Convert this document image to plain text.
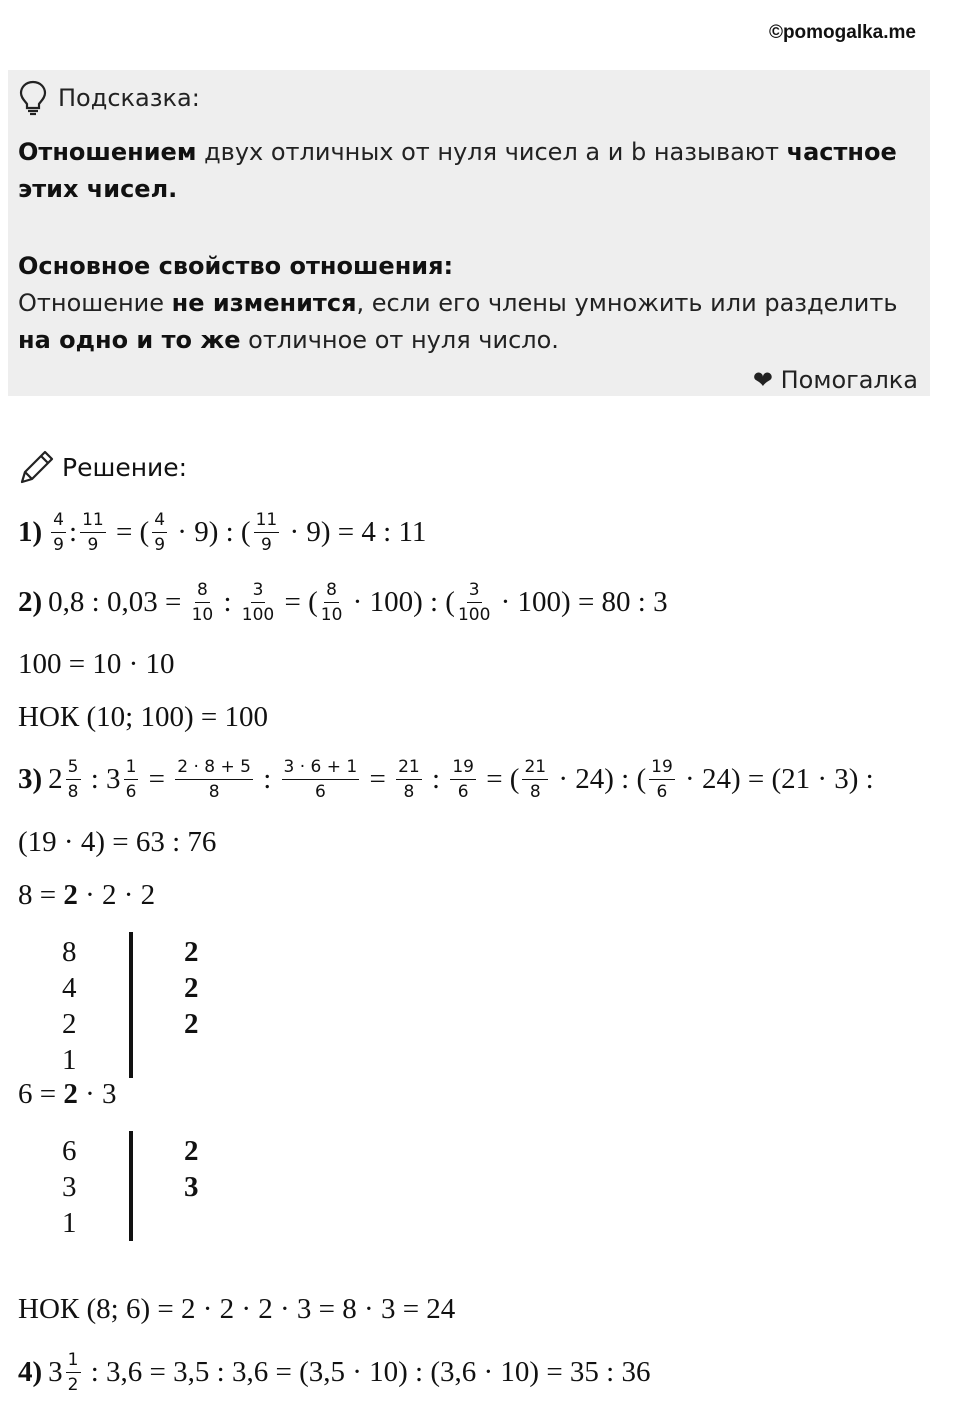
©pomogalka.me
Подсказка:

Отношением двух отличных от нуля чисел a и b называют частное этих чисел.

Основное свойство отношения:
Отношение не изменится, если его члены умножить или разделить на одно и то же отличное от нуля число.

❤ Помогалка
Решение:
$1) \frac{4}{9}$ : $\frac{11}{9}$ = ( $\frac{4}{9} \cdot 9$) : ( $\frac{11}{9} \cdot 9) = 4$ : 11
2) 0,8 : $0,03 = \frac{8}{10}$ : $\frac{3}{100}$ = ( $\frac{8}{10} \cdot 100$) : ( $\frac{3}{100} \cdot 100) = 80$ : 3
100 = 10 · 10
НОК (10; 100) = 100
3) $2 \frac{5}{8}$ : $3 \frac{1}{6} = \frac{2 \cdot 8 + 5}{8}$ : $\frac{3 \cdot 6 + 1}{6} = \frac{21}{8}$ : $\frac{19}{6}$ = ( $\frac{21}{8} \cdot 24$) : ( $\frac{19}{6} \cdot 24) = (21 \cdot 3)$ :
(19 · 4) = 63 : 76
8 = 2 · 2 · 2
8
4
2
1
2
2
2
6 = 2 · 3
6
3
1
2
3
НОК (8; 6) = 2 · 2 · 2 · 3 = 8 · 3 = 24
4) $3 \frac{1}{2}$ : 3,6 = 3,5 : 3,6 = (3,5 · 10) : (3,6 · 10) = 35 : 36
